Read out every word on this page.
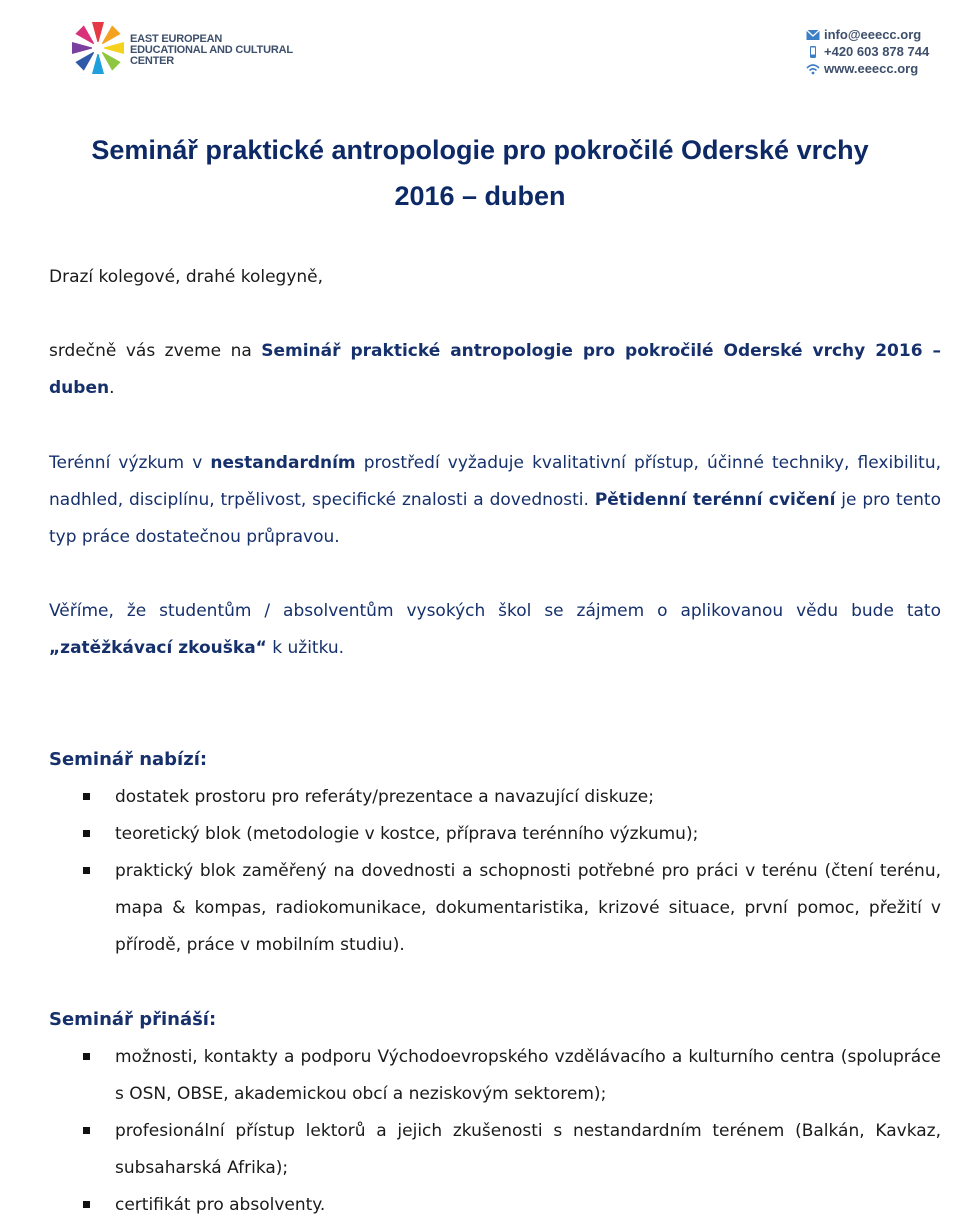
EAST EUROPEAN
EDUCATIONAL AND CULTURAL
CENTER
info@eeecc.org
+420 603 878 744
www.eeecc.org
Seminář praktické antropologie pro pokročilé Oderské vrchy
2016 – duben
Drazí kolegové, drahé kolegyně,
srdečně vás zveme na Seminář praktické antropologie pro pokročilé Oderské vrchy 2016 – duben.
Terénní výzkum v nestandardním prostředí vyžaduje kvalitativní přístup, účinné techniky, flexibilitu, nadhled, disciplínu, trpělivost, specifické znalosti a dovednosti. Pětidenní terénní cvičení je pro tento typ práce dostatečnou průpravou.
Věříme, že studentům / absolventům vysokých škol se zájmem o aplikovanou vědu bude tato „zatěžkávací zkouška“ k užitku.
Seminář nabízí:
dostatek prostoru pro referáty/prezentace a navazující diskuze;
teoretický blok (metodologie v kostce, příprava terénního výzkumu);
praktický blok zaměřený na dovednosti a schopnosti potřebné pro práci v terénu (čtení terénu, mapa & kompas, radiokomunikace, dokumentaristika, krizové situace, první pomoc, přežití v přírodě, práce v mobilním studiu).
Seminář přináší:
možnosti, kontakty a podporu Východoevropského vzdělávacího a kulturního centra (spolupráce s OSN, OBSE, akademickou obcí a neziskovým sektorem);
profesionální přístup lektorů a jejich zkušenosti s nestandardním terénem (Balkán, Kavkaz, subsaharská Afrika);
certifikát pro absolventy.
